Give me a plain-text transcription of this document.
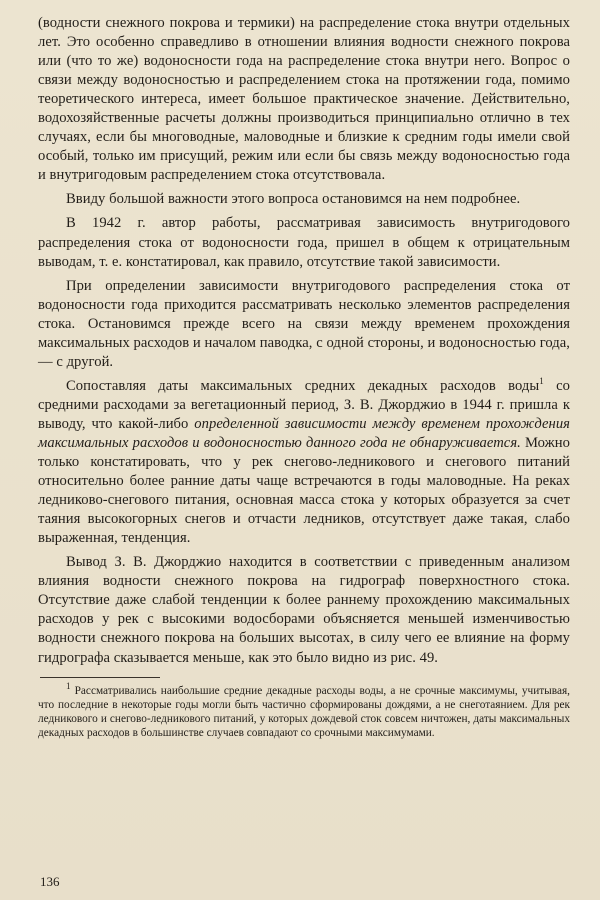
(водности снежного покрова и термики) на распределение стока внутри отдельных лет. Это особенно справедливо в отношении влияния водности снежного покрова или (что то же) водоносности года на распределение стока внутри него. Вопрос о связи между водоносностью и распределением стока на протяжении года, помимо теоретического интереса, имеет большое практическое значение. Действительно, водохозяйственные расчеты должны производиться принципиально отлично в тех случаях, если бы многоводные, маловодные и близкие к средним годы имели свой особый, только им присущий, режим или если бы связь между водоносностью года и внутригодовым распределением стока отсутствовала.

Ввиду большой важности этого вопроса остановимся на нем подробнее.

В 1942 г. автор работы, рассматривая зависимость внутригодового распределения стока от водоносности года, пришел в общем к отрицательным выводам, т. е. констатировал, как правило, отсутствие такой зависимости.

При определении зависимости внутригодового распределения стока от водоносности года приходится рассматривать несколько элементов распределения стока. Остановимся прежде всего на связи между временем прохождения максимальных расходов и началом паводка, с одной стороны, и водоносностью года, — с другой.

Сопоставляя даты максимальных средних декадных расходов воды$^1$ со средними расходами за вегетационный период, З. В. Джорджио в 1944 г. пришла к выводу, что какой-либо определенной зависимости между временем прохождения максимальных расходов и водоносностью данного года не обнаруживается. Можно только констатировать, что у рек снегово-ледникового и снегового питаний относительно более ранние даты чаще встречаются в годы маловодные. На реках ледниково-снегового питания, основная масса стока у которых образуется за счет таяния высокогорных снегов и отчасти ледников, отсутствует даже такая, слабо выраженная, тенденция.

Вывод З. В. Джорджио находится в соответствии с приведенным анализом влияния водности снежного покрова на гидрограф поверхностного стока. Отсутствие даже слабой тенденции к более раннему прохождению максимальных расходов у рек с высокими водосборами объясняется меньшей изменчивостью водности снежного покрова на больших высотах, в силу чего ее влияние на форму гидрографа сказывается меньше, как это было видно из рис. 49.

$^1$ Рассматривались наибольшие средние декадные расходы воды, а не срочные максимумы, учитывая, что последние в некоторые годы могли быть частично сформированы дождями, а не снеготаянием. Для рек ледникового и снегово-ледникового питаний, у которых дождевой сток совсем ничтожен, даты максимальных декадных расходов в большинстве случаев совпадают со срочными максимумами.

136
